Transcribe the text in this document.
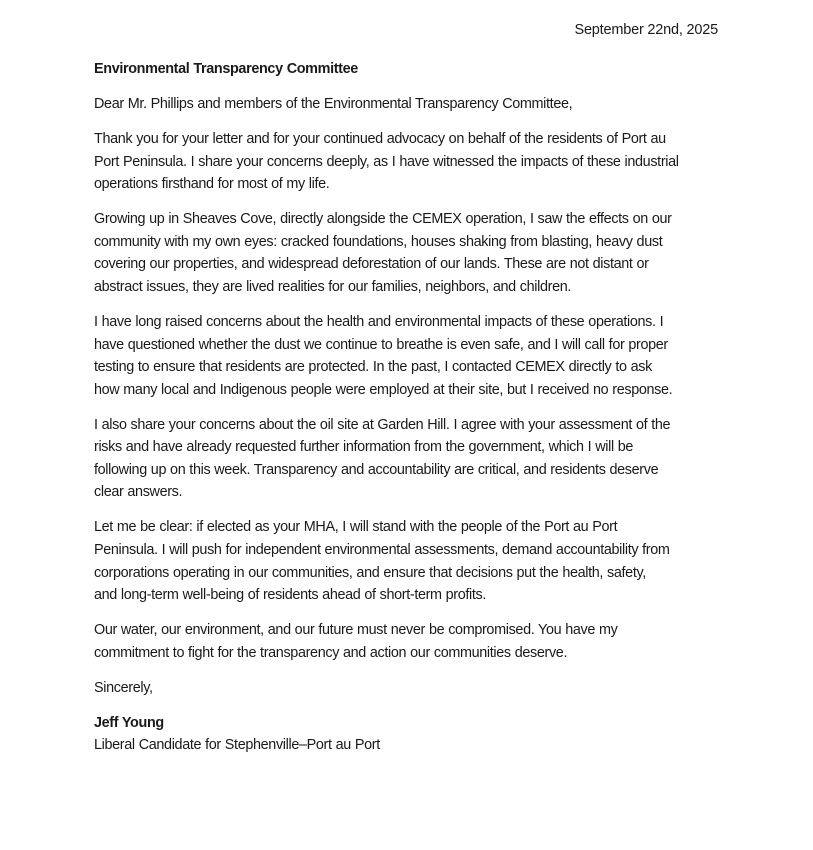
September 22nd, 2025

Environmental Transparency Committee

Dear Mr. Phillips and members of the Environmental Transparency Committee,

Thank you for your letter and for your continued advocacy on behalf of the residents of Port au
Port Peninsula. I share your concerns deeply, as I have witnessed the impacts of these industrial
operations firsthand for most of my life.

Growing up in Sheaves Cove, directly alongside the CEMEX operation, I saw the effects on our
community with my own eyes: cracked foundations, houses shaking from blasting, heavy dust
covering our properties, and widespread deforestation of our lands. These are not distant or
abstract issues, they are lived realities for our families, neighbors, and children.

I have long raised concerns about the health and environmental impacts of these operations. I
have questioned whether the dust we continue to breathe is even safe, and I will call for proper
testing to ensure that residents are protected. In the past, I contacted CEMEX directly to ask
how many local and Indigenous people were employed at their site, but I received no response.

I also share your concerns about the oil site at Garden Hill. I agree with your assessment of the
risks and have already requested further information from the government, which I will be
following up on this week. Transparency and accountability are critical, and residents deserve
clear answers.

Let me be clear: if elected as your MHA, I will stand with the people of the Port au Port
Peninsula. I will push for independent environmental assessments, demand accountability from
corporations operating in our communities, and ensure that decisions put the health, safety,
and long-term well-being of residents ahead of short-term profits.

Our water, our environment, and our future must never be compromised. You have my
commitment to fight for the transparency and action our communities deserve.

Sincerely,

Jeff Young

Liberal Candidate for Stephenville–Port au Port
